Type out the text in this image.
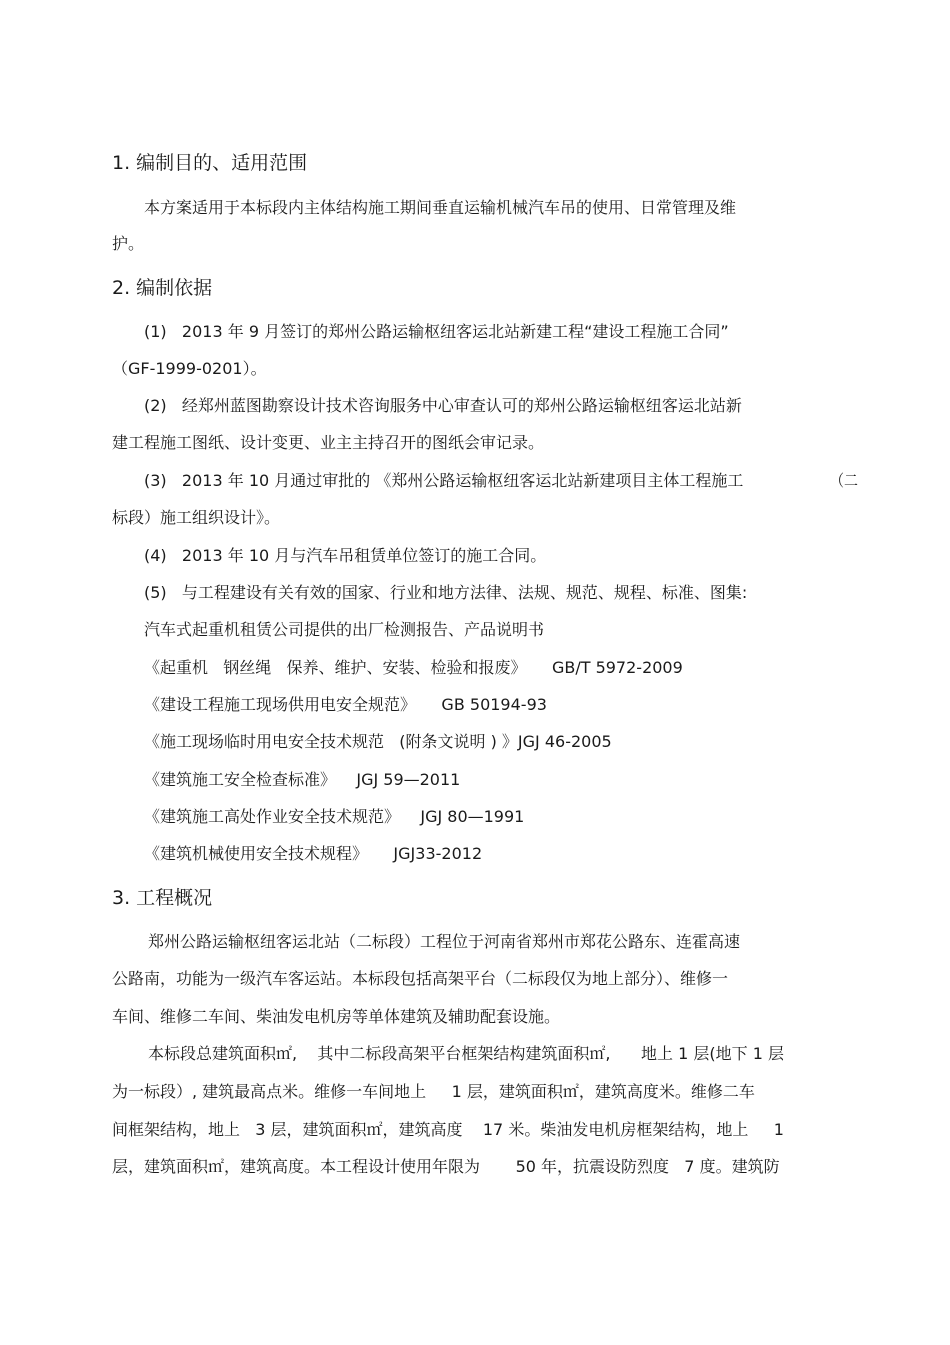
1. 编制目的、适用范围
本方案适用于本标段内主体结构施工期间垂直运输机械汽车吊的使用、日常管理及维
护。
2. 编制依据
(1)   2013 年 9 月签订的郑州公路运输枢纽客运北站新建工程“建设工程施工合同”
（GF-1999-0201）。
(2)   经郑州蓝图勘察设计技术咨询服务中心审查认可的郑州公路运输枢纽客运北站新
建工程施工图纸、设计变更、业主主持召开的图纸会审记录。
(3)   2013 年 10 月通过审批的 《郑州公路运输枢纽客运北站新建项目主体工程施工	（二
标段）施工组织设计》。
(4)   2013 年 10 月与汽车吊租赁单位签订的施工合同。
(5)   与工程建设有关有效的国家、行业和地方法律、法规、规范、规程、标准、图集:
汽车式起重机租赁公司提供的出厂检测报告、产品说明书
《起重机   钢丝绳   保养、维护、安装、检验和报废》     GB/T 5972-2009
《建设工程施工现场供用电安全规范》     GB 50194-93
《施工现场临时用电安全技术规范   (附条文说明 ) 》JGJ 46-2005
《建筑施工安全检查标准》    JGJ 59—2011
《建筑施工高处作业安全技术规范》    JGJ 80—1991
《建筑机械使用安全技术规程》     JGJ33-2012
3. 工程概况
郑州公路运输枢纽客运北站（二标段）工程位于河南省郑州市郑花公路东、连霍高速
公路南，功能为一级汽车客运站。本标段包括高架平台（二标段仅为地上部分）、维修一
车间、维修二车间、柴油发电机房等单体建筑及辅助配套设施。
本标段总建筑面积㎡,    其中二标段高架平台框架结构建筑面积㎡,      地上 1 层(地下 1 层
为一标段）, 建筑最高点米。维修一车间地上     1 层，建筑面积㎡，建筑高度米。维修二车
间框架结构，地上   3 层，建筑面积㎡，建筑高度    17 米。柴油发电机房框架结构，地上     1
层，建筑面积㎡，建筑高度。本工程设计使用年限为       50 年，抗震设防烈度   7 度。建筑防
